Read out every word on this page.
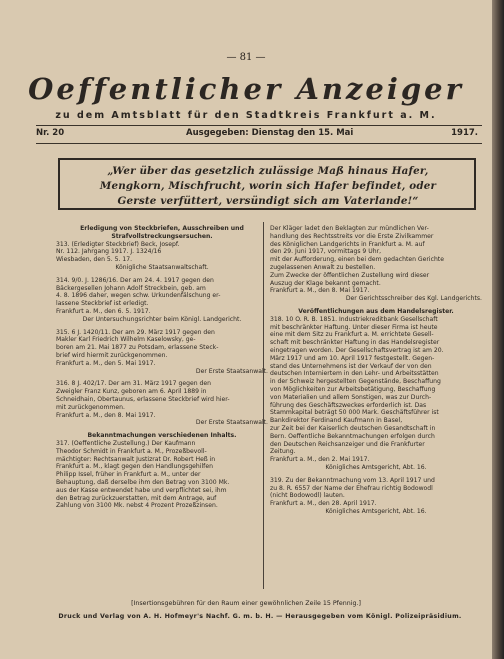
— 81 —
Oeffentlicher Anzeiger
zu dem Amtsblatt für den Stadtkreis Frankfurt a. M.
Nr. 20	Ausgegeben: Dienstag den 15. Mai	1917.

„Wer über das gesetzlich zulässige Maß hinaus Hafer,

Mengkorn, Mischfrucht, worin sich Hafer befindet, oder

Gerste verfüttert, versündigt sich am Vaterlande!“

Erledigung von Steckbriefen, Ausschreiben und

Strafvollstreckungsersuchen.

313. (Erledigter Steckbrief) Beck, Josepf.

Nr. 112. Jahrgang 1917. J. 1324/16

Wiesbaden, den 5. 5. 17.

Königliche Staatsanwaltschaft.

314. 9/0. J. 1286/16. Der am 24. 4. 1917 gegen den

Bäckergesellen Johann Adolf Streckbein, geb. am

4. 8. 1896 daher, wegen schw. Urkundenfälschung er-

lassene Steckbrief ist erledigt.

Frankfurt a. M., den 6. 5. 1917.

Der Untersuchungsrichter beim Königl. Landgericht.

315. 6 J. 1420/11. Der am 29. März 1917 gegen den

Makler Karl Friedrich Wilhelm Kaselowsky, ge-

boren am 21. Mai 1877 zu Potsdam, erlassene Steck-

brief wird hiermit zurückgenommen.

Frankfurt a. M., den 5. Mai 1917.

Der Erste Staatsanwalt.

316. 8 J. 402/17. Der am 31. März 1917 gegen den

Zweigler Franz Kunz, geboren am 6. April 1889 in

Schneidhain, Obertaunus, erlassene Steckbrief wird hier-

mit zurückgenommen.

Frankfurt a. M., den 8. Mai 1917.

Der Erste Staatsanwalt.

Bekanntmachungen verschiedenen Inhalts.

317. (Oeffentliche Zustellung.) Der Kaufmann

Theodor Schmidt in Frankfurt a. M., Prozeßbevoll-

mächtigter: Rechtsanwalt Justizrat Dr. Robert Heß in

Frankfurt a. M., klagt gegen den Handlungsgehilfen

Philipp Issel, früher in Frankfurt a. M., unter der

Behauptung, daß derselbe ihm den Betrag von 3100 Mk.

aus der Kasse entwendet habe und verpflichtet sei, ihm

den Betrag zurückzuerstatten, mit dem Antrage, auf

Zahlung von 3100 Mk. nebst 4 Prozent Prozeßzinsen.

Der Kläger ladet den Beklagten zur mündlichen Ver-

handlung des Rechtsstreits vor die Erste Zivilkammer

des Königlichen Landgerichts in Frankfurt a. M. auf

den 29. Juni 1917, vormittags 9 Uhr,

mit der Aufforderung, einen bei dem gedachten Gerichte

zugelassenen Anwalt zu bestellen.

Zum Zwecke der öffentlichen Zustellung wird dieser

Auszug der Klage bekannt gemacht.

Frankfurt a. M., den 8. Mai 1917.

Der Gerichtsschreiber des Kgl. Landgerichts.

Veröffentlichungen aus dem Handelsregister.

318. 10 O. R. B. 1851. Industriekreditbank Gesellschaft

mit beschränkter Haftung. Unter dieser Firma ist heute

eine mit dem Sitz zu Frankfurt a. M. errichtete Gesell-

schaft mit beschränkter Haftung in das Handelsregister

eingetragen worden. Der Gesellschaftsvertrag ist am 20.

März 1917 und am 10. April 1917 festgestellt. Gegen-

stand des Unternehmens ist der Verkauf der von den

deutschen Interniertem in den Lehr- und Arbeitsstätten

in der Schweiz hergestellten Gegenstände, Beschaffung

von Möglichkeiten zur Arbeitsbetätigung, Beschaffung

von Materialien und allem Sonstigen, was zur Durch-

führung des Geschäftszweckes erforderlich ist. Das

Stammkapital beträgt 50 000 Mark. Geschäftsführer ist

Bankdirektor Ferdinand Kaufmann in Basel,

zur Zeit bei der Kaiserlich deutschen Gesandtschaft in

Bern. Oeffentliche Bekanntmachungen erfolgen durch

den Deutschen Reichsanzeiger und die Frankfurter

Zeitung.

Frankfurt a. M., den 2. Mai 1917.

Königliches Amtsgericht, Abt. 16.

319. Zu der Bekanntmachung vom 13. April 1917 und

zu 8. R. 6557 der Name der Ehefrau richtig Bodowodl

(nicht Bodowodl) lauten.

Frankfurt a. M., den 28. April 1917.

Königliches Amtsgericht, Abt. 16.

[Insertionsgebühren für den Raum einer gewöhnlichen Zeile 15 Pfennig.]
Druck und Verlag von A. H. Hofmeyr's Nachf. G. m. b. H. — Herausgegeben vom Königl. Polizeipräsidium.
